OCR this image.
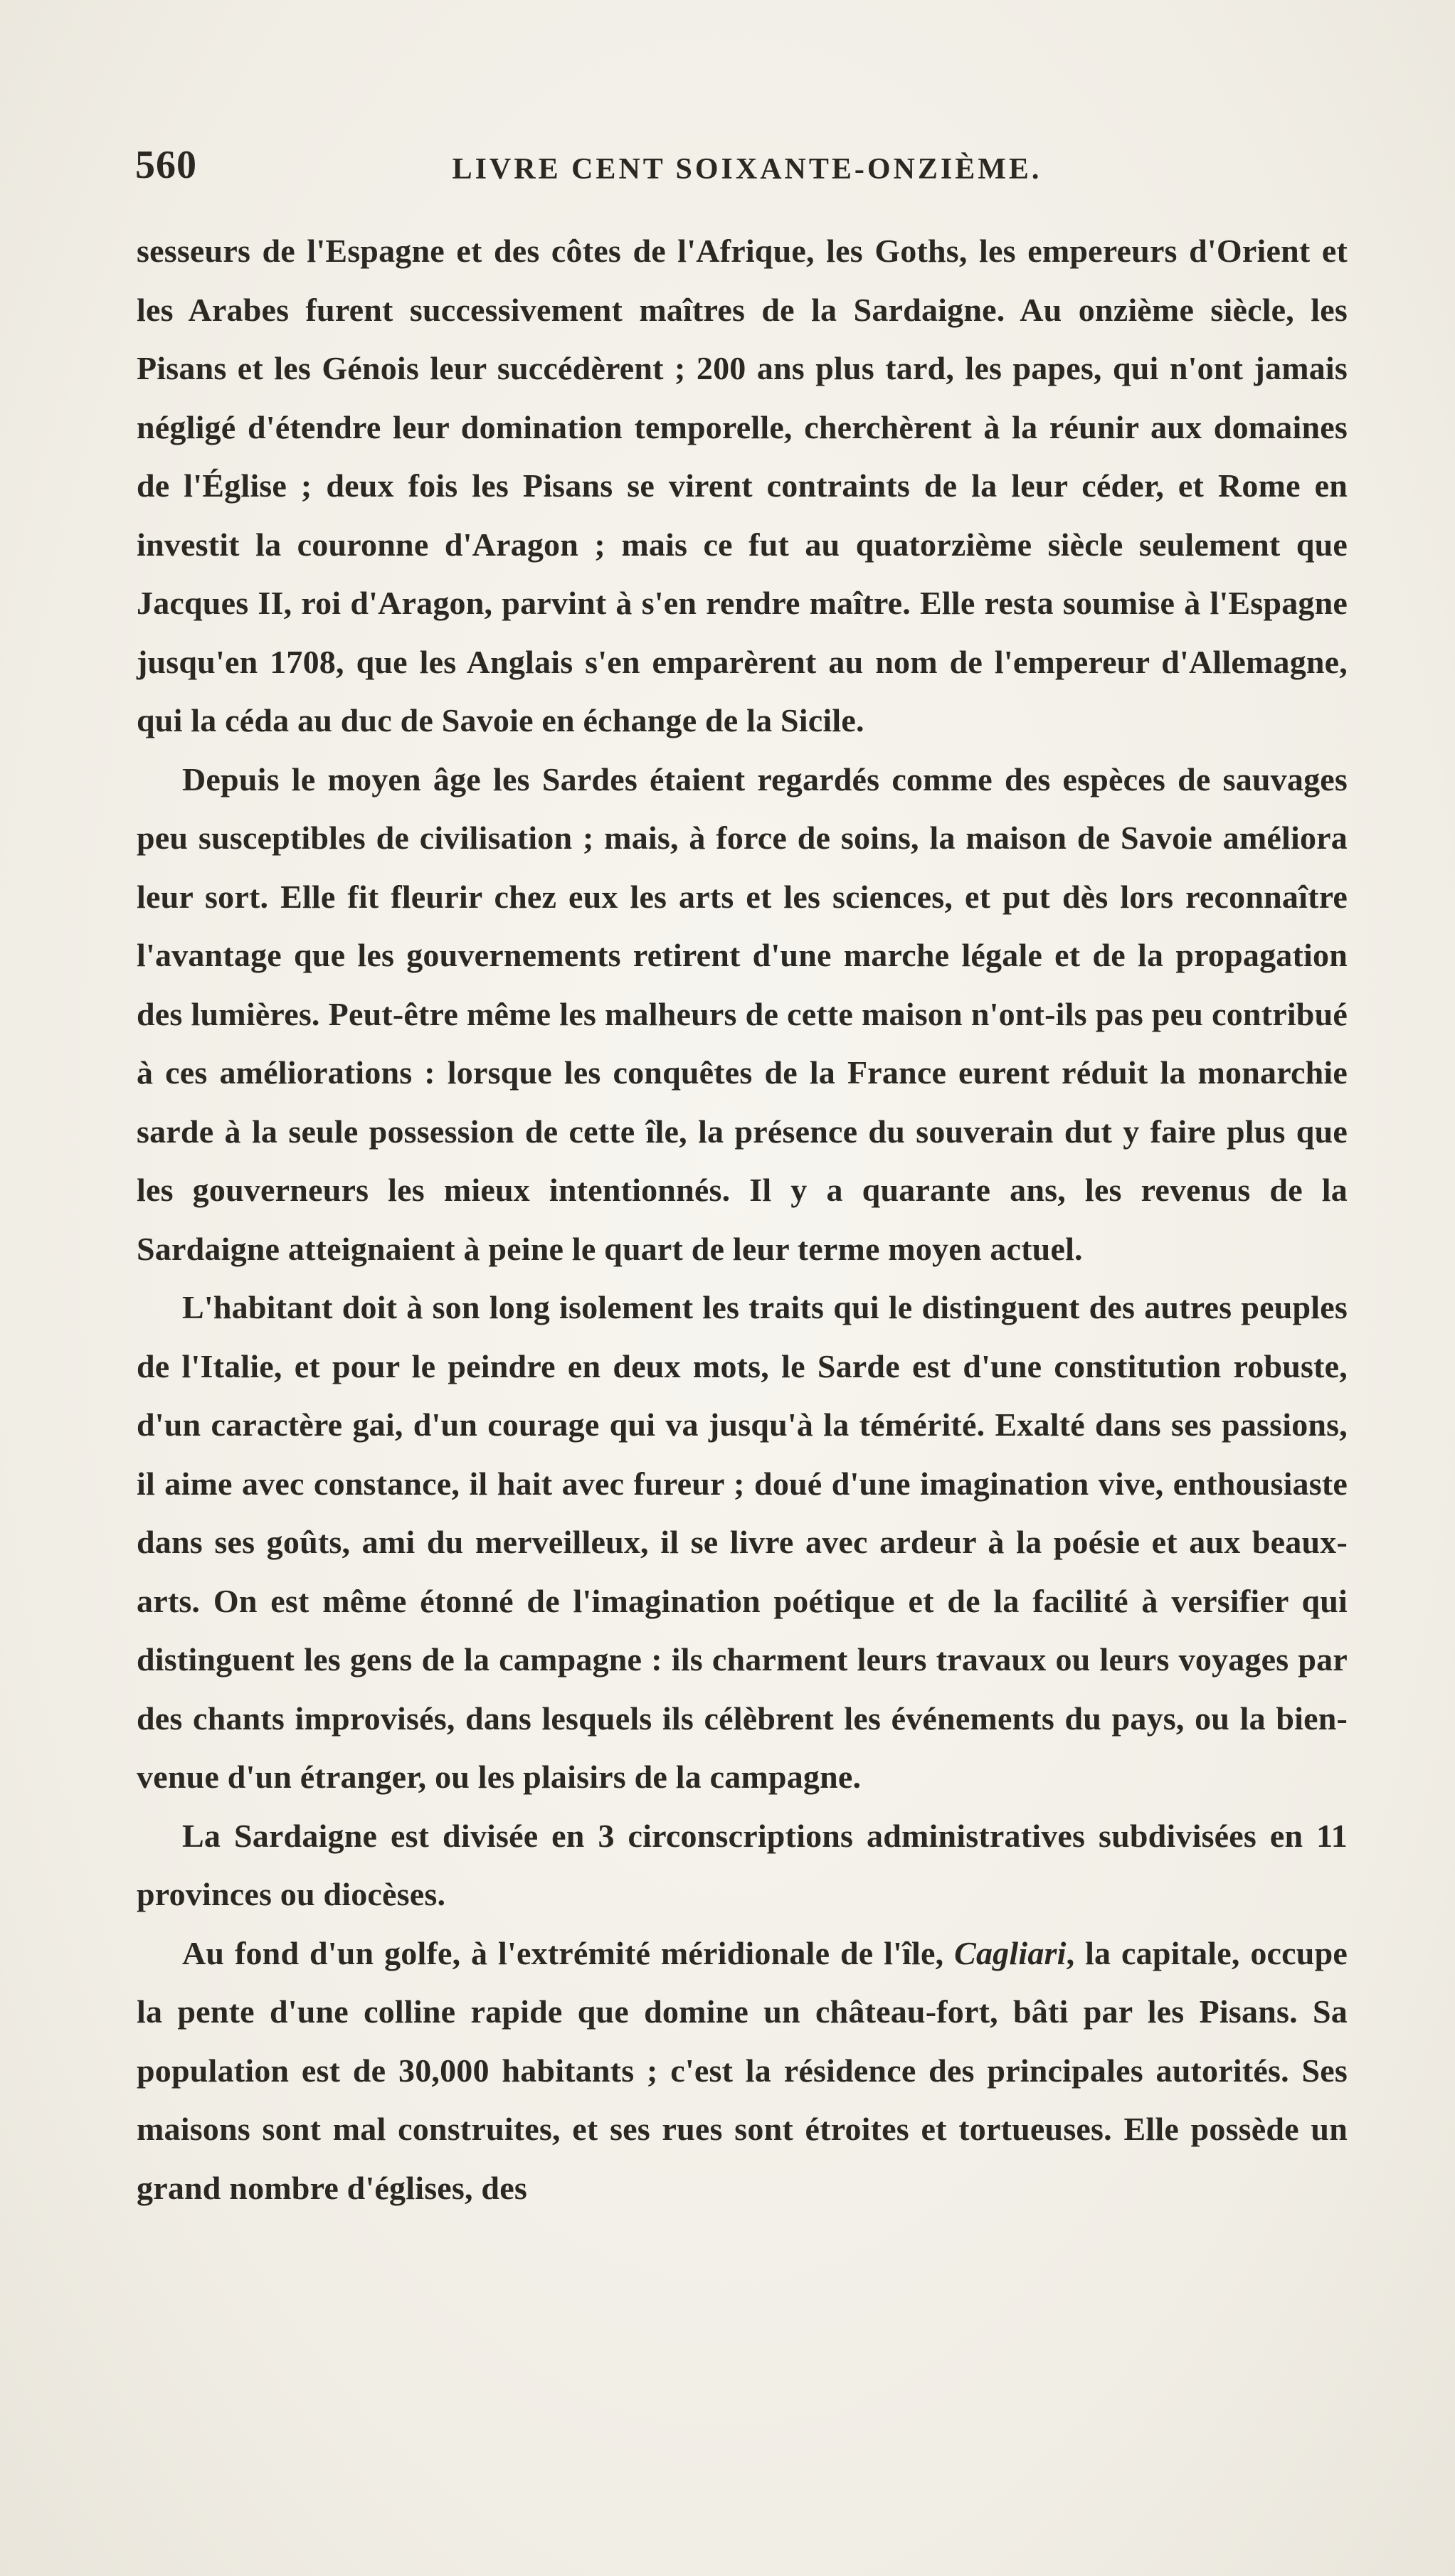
560	LIVRE CENT SOIXANTE-ONZIÈME.

sesseurs de l'Espagne et des côtes de l'Afrique, les Goths, les empereurs d'Orient et les Arabes furent successivement maîtres de la Sardaigne. Au onzième siècle, les Pisans et les Génois leur succédèrent ; 200 ans plus tard, les papes, qui n'ont jamais négligé d'étendre leur domination temporelle, cherchèrent à la réunir aux domaines de l'Église ; deux fois les Pisans se virent contraints de la leur céder, et Rome en investit la couronne d'Aragon ; mais ce fut au quatorzième siècle seulement que Jacques II, roi d'Aragon, parvint à s'en rendre maître. Elle resta soumise à l'Espagne jusqu'en 1708, que les Anglais s'en emparèrent au nom de l'empereur d'Allemagne, qui la céda au duc de Savoie en échange de la Sicile.

Depuis le moyen âge les Sardes étaient regardés comme des espèces de sauvages peu susceptibles de civilisation ; mais, à force de soins, la maison de Savoie améliora leur sort. Elle fit fleurir chez eux les arts et les sciences, et put dès lors reconnaître l'avantage que les gouvernements retirent d'une marche légale et de la propagation des lumières. Peut-être même les malheurs de cette maison n'ont-ils pas peu contribué à ces améliorations : lorsque les conquêtes de la France eurent réduit la monarchie sarde à la seule possession de cette île, la présence du souverain dut y faire plus que les gouverneurs les mieux intentionnés. Il y a quarante ans, les revenus de la Sardaigne atteignaient à peine le quart de leur terme moyen actuel.

L'habitant doit à son long isolement les traits qui le distinguent des autres peuples de l'Italie, et pour le peindre en deux mots, le Sarde est d'une constitution robuste, d'un caractère gai, d'un courage qui va jusqu'à la témérité. Exalté dans ses passions, il aime avec constance, il hait avec fureur ; doué d'une imagination vive, enthousiaste dans ses goûts, ami du merveilleux, il se livre avec ardeur à la poésie et aux beaux-arts. On est même étonné de l'imagination poétique et de la facilité à versifier qui distinguent les gens de la campagne : ils charment leurs travaux ou leurs voyages par des chants improvisés, dans lesquels ils célèbrent les événements du pays, ou la bien-venue d'un étranger, ou les plaisirs de la campagne.

La Sardaigne est divisée en 3 circonscriptions administratives subdivisées en 11 provinces ou diocèses.

Au fond d'un golfe, à l'extrémité méridionale de l'île, Cagliari, la capitale, occupe la pente d'une colline rapide que domine un château-fort, bâti par les Pisans. Sa population est de 30,000 habitants ; c'est la résidence des principales autorités. Ses maisons sont mal construites, et ses rues sont étroites et tortueuses. Elle possède un grand nombre d'églises, des
